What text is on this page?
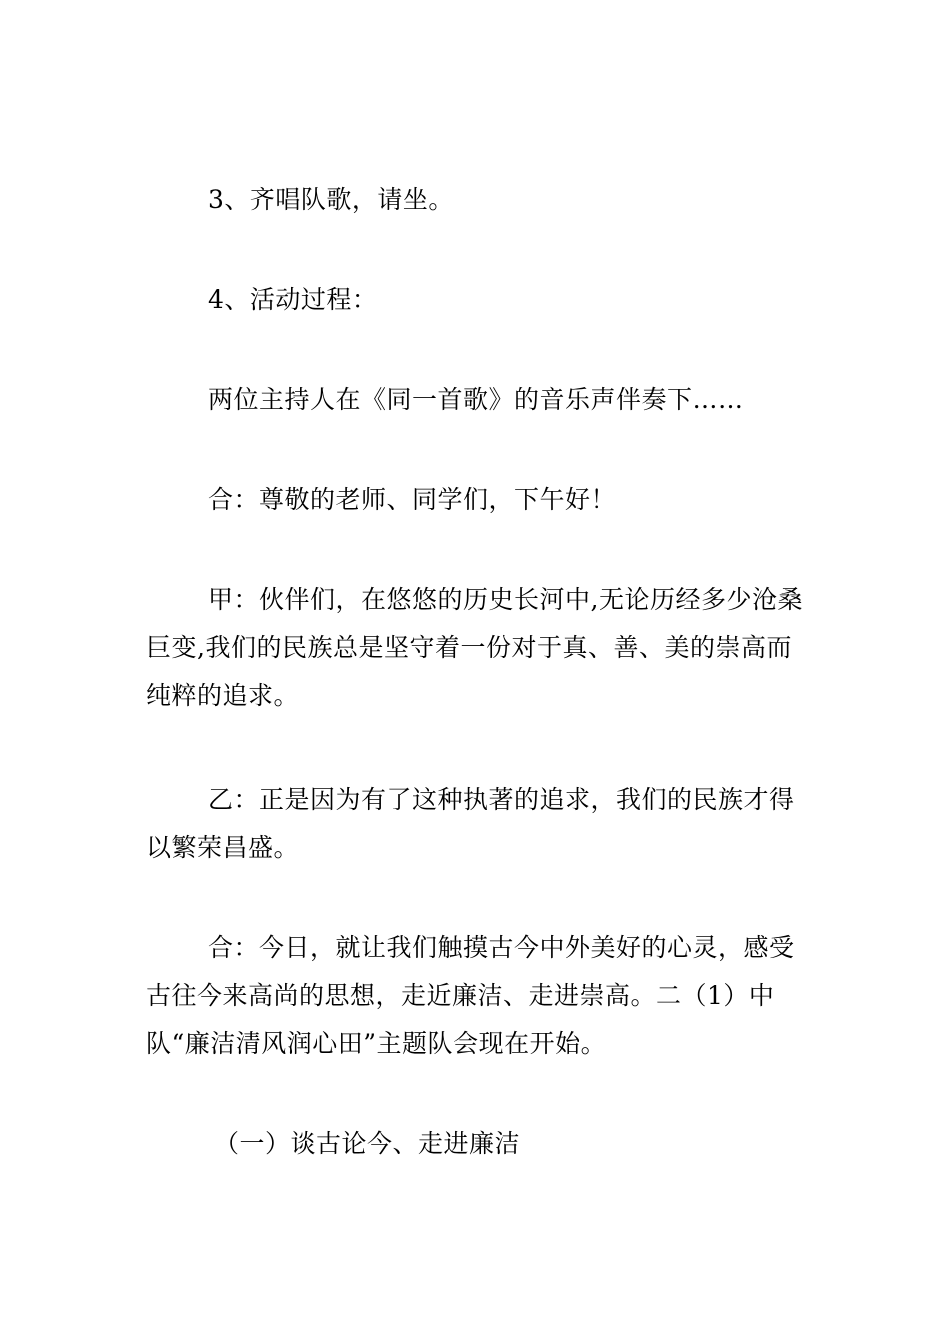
3、齐唱队歌，请坐。

4、活动过程：

两位主持人在《同一首歌》的音乐声伴奏下……

合：尊敬的老师、同学们，下午好！

甲：伙伴们，在悠悠的历史长河中,无论历经多少沧桑巨变,我们的民族总是坚守着一份对于真、善、美的崇高而纯粹的追求。

乙：正是因为有了这种执著的追求，我们的民族才得以繁荣昌盛。

合：今日，就让我们触摸古今中外美好的心灵，感受古往今来高尚的思想，走近廉洁、走进崇高。二（1）中队“廉洁清风润心田”主题队会现在开始。

（一）谈古论今、走进廉洁
